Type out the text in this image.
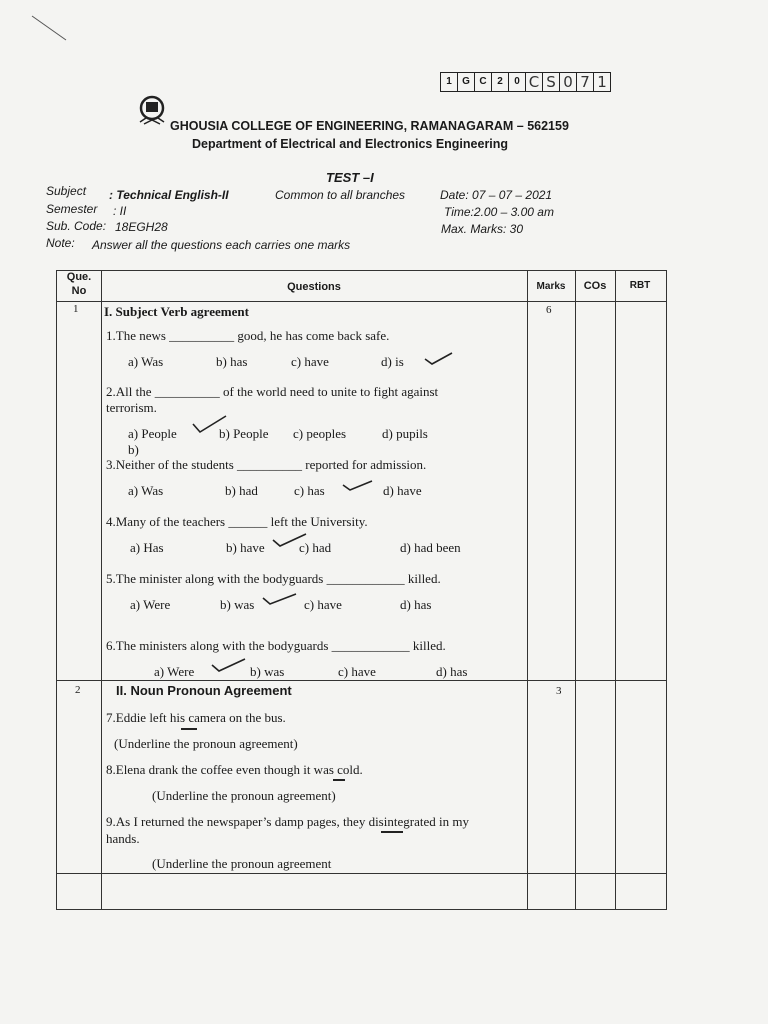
1	G C	2	0 C S 0 7 1
GHOUSIA COLLEGE OF ENGINEERING, RAMANAGARAM – 562159
Department of Electrical and Electronics Engineering
TEST –I
Subject : Technical English-II	Common to all branches	Date: 07 – 07 – 2021
Semester : II	Time:2.00 – 3.00 am
Sub. Code: 18EGH28	Max. Marks: 30
Note: Answer all the questions each carries one marks
Que.
No	Questions	Marks	COs	RBT
1 I. Subject Verb agreement	6
1.The news __________ good, he has come back safe.
a) Was	b) has	c) have	d) is
2.All the __________ of the world need to unite to fight against
terrorism.
a) People	b) People c) peoples	d) pupils
b)
3.Neither of the students __________ reported for admission.
a) Was	b) had	c) has	d) have
4.Many of the teachers ______ left the University.
a) Has	b) have	c) had	d) had been
5.The minister along with the bodyguards ____________ killed.
a) Were	b) was	c) have	d) has
6.The ministers along with the bodyguards ____________ killed.
a) Were	b) was	c) have	d) has
2	II. Noun Pronoun Agreement	3
7.Eddie left his camera on the bus.
(Underline the pronoun agreement)
8.Elena drank the coffee even though it was cold.
(Underline the pronoun agreement)
9.As I returned the newspaper’s damp pages, they disintegrated in my
hands.
(Underline the pronoun agreement
